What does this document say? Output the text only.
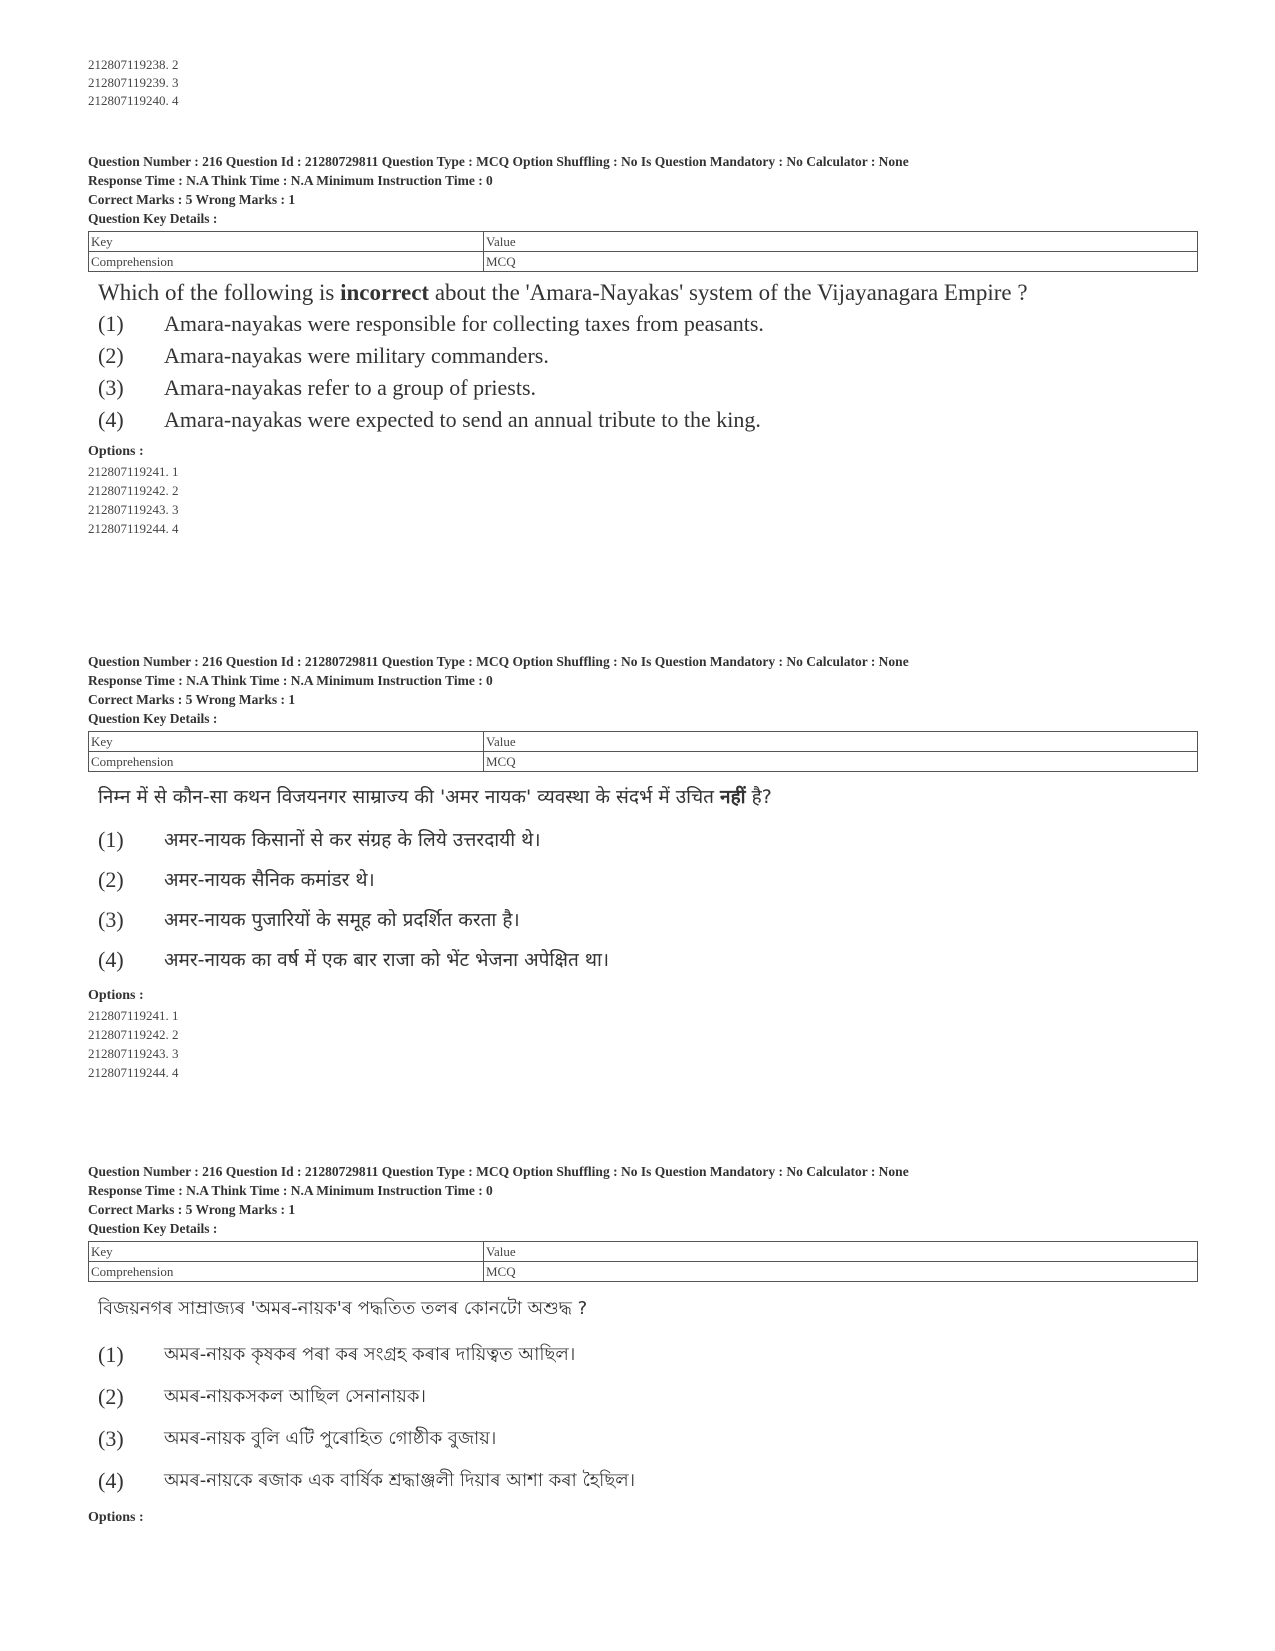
212807119238. 2
212807119239. 3
212807119240. 4
Question Number : 216 Question Id : 21280729811 Question Type : MCQ Option Shuffling : No Is Question Mandatory : No Calculator : None
Response Time : N.A Think Time : N.A Minimum Instruction Time : 0
Correct Marks : 5 Wrong Marks : 1
Question Key Details :
Key	Value
Comprehension	MCQ
Which of the following is incorrect about the 'Amara-Nayakas' system of the Vijayanagara Empire ?
(1)	Amara-nayakas were responsible for collecting taxes from peasants.
(2)	Amara-nayakas were military commanders.
(3)	Amara-nayakas refer to a group of priests.
(4)	Amara-nayakas were expected to send an annual tribute to the king.
Options :
212807119241. 1
212807119242. 2
212807119243. 3
212807119244. 4
Question Number : 216 Question Id : 21280729811 Question Type : MCQ Option Shuffling : No Is Question Mandatory : No Calculator : None
Response Time : N.A Think Time : N.A Minimum Instruction Time : 0
Correct Marks : 5 Wrong Marks : 1
Question Key Details :
Key	Value
Comprehension	MCQ
निम्न में से कौन-सा कथन विजयनगर साम्राज्य की 'अमर नायक' व्यवस्था के संदर्भ में उचित नहीं है?
(1)	अमर-नायक किसानों से कर संग्रह के लिये उत्तरदायी थे।
(2)	अमर-नायक सैनिक कमांडर थे।
(3)	अमर-नायक पुजारियों के समूह को प्रदर्शित करता है।
(4)	अमर-नायक का वर्ष में एक बार राजा को भेंट भेजना अपेक्षित था।
Options :
212807119241. 1
212807119242. 2
212807119243. 3
212807119244. 4
Question Number : 216 Question Id : 21280729811 Question Type : MCQ Option Shuffling : No Is Question Mandatory : No Calculator : None
Response Time : N.A Think Time : N.A Minimum Instruction Time : 0
Correct Marks : 5 Wrong Marks : 1
Question Key Details :
Key	Value
Comprehension	MCQ
বিজয়নগৰ সাম্ৰাজ্যৰ 'অমৰ-নায়ক'ৰ পদ্ধতিত তলৰ কোনটো অশুদ্ধ ?
(1)	অমৰ-নায়ক কৃষকৰ পৰা কৰ সংগ্ৰহ কৰাৰ দায়িত্বত আছিল।
(2)	অমৰ-নায়কসকল আছিল সেনানায়ক।
(3)	অমৰ-নায়ক বুলি এটি পুৰোহিত গোষ্ঠীক বুজায়।
(4)	অমৰ-নায়কে ৰজাক এক বাৰ্ষিক শ্ৰদ্ধাঞ্জলী দিয়াৰ আশা কৰা হৈছিল।
Options :
